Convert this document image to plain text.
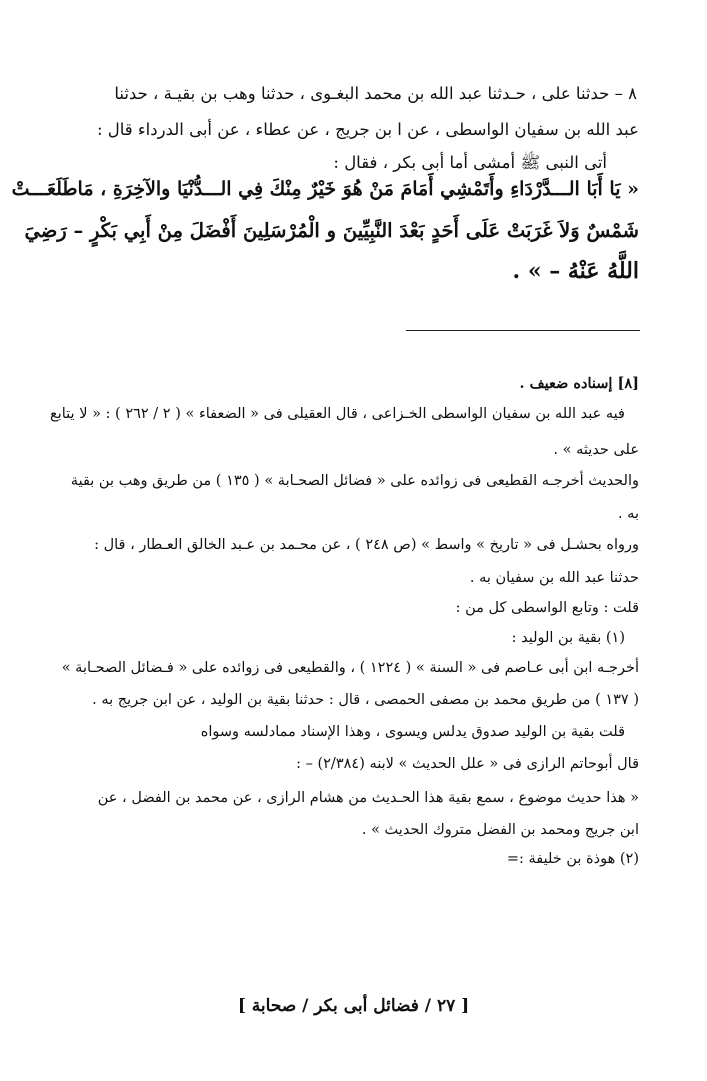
٨ – حدثنا على ، حـدثنا عبد الله بن محمد البغـوى ، حدثنا وهب بن بقيـة ، حدثنا
عبد الله بن سفيان الواسطى ، عن ا بن جريج ، عن عطاء ، عن أبى الدرداء قال :
أتى النبى ﷺ أمشى أما أبى بكر ، فقال :
« يَا أَبَا الـــدَّرْدَاءِ وأَتَمْشِي أَمَامَ مَنْ هُوَ خَيْرٌ مِنْكَ فِي الـــدُّنْيَا والآخِرَةِ ، مَاطَلَعَـــتْ
شَمْسٌ وَلاَ غَرَبَتْ عَلَى أَحَدٍ بَعْدَ النَّبِيِّينَ و الْمُرْسَلِينَ أَفْضَلَ مِنْ أَبِي بَكْرٍ – رَضِيَ
اللَّهُ عَنْهُ – » .
[٨] إسناده ضعيف .
فيه عبد الله بن سفيان الواسطى الخـزاعى ، قال العقيلى فى « الضعفاء » ( ٢ / ٢٦٢ ) : « لا يتابع
على حديثه » .
والحديث أخرجـه القطيعى فى زوائده على « فضائل الصحـابة » ( ١٣٥ ) من طريق وهب بن بقية
به .
ورواه بحشـل فى « تاريخ » واسط » (ص ٢٤٨ ) ، عن محـمد بن عـبد الخالق العـطار ، قال :
حدثنا عبد الله بن سفيان به .
قلت : وتابع الواسطى كل من :
(١) بقية بن الوليد :
أخرجـه ابن أبى عـاصم فى « السنة » ( ١٢٢٤ ) ، والقطيعى فى زوائده على « فـضائل الصحـابة »
( ١٣٧ ) من طريق محمد بن مصفى الحمصى ، قال : حدثنا بقية بن الوليد ، عن ابن جريج به .
قلت بقية بن الوليد صدوق يدلس ويسوى ، وهذا الإسناد ممادلسه وسواه
قال أبوحاتم الرازى فى « علل الحديث » لابنه (٢/٣٨٤) – :
« هذا حديث موضوع ، سمع بقية هذا الحـديث من هشام الرازى ، عن محمد بن الفضل ، عن
ابن جريج ومحمد بن الفضل متروك الحديث » .
(٢) هوذة بن خليفة :=
[ ٢٧ / فضائل أبى بكر / صحابة ]
